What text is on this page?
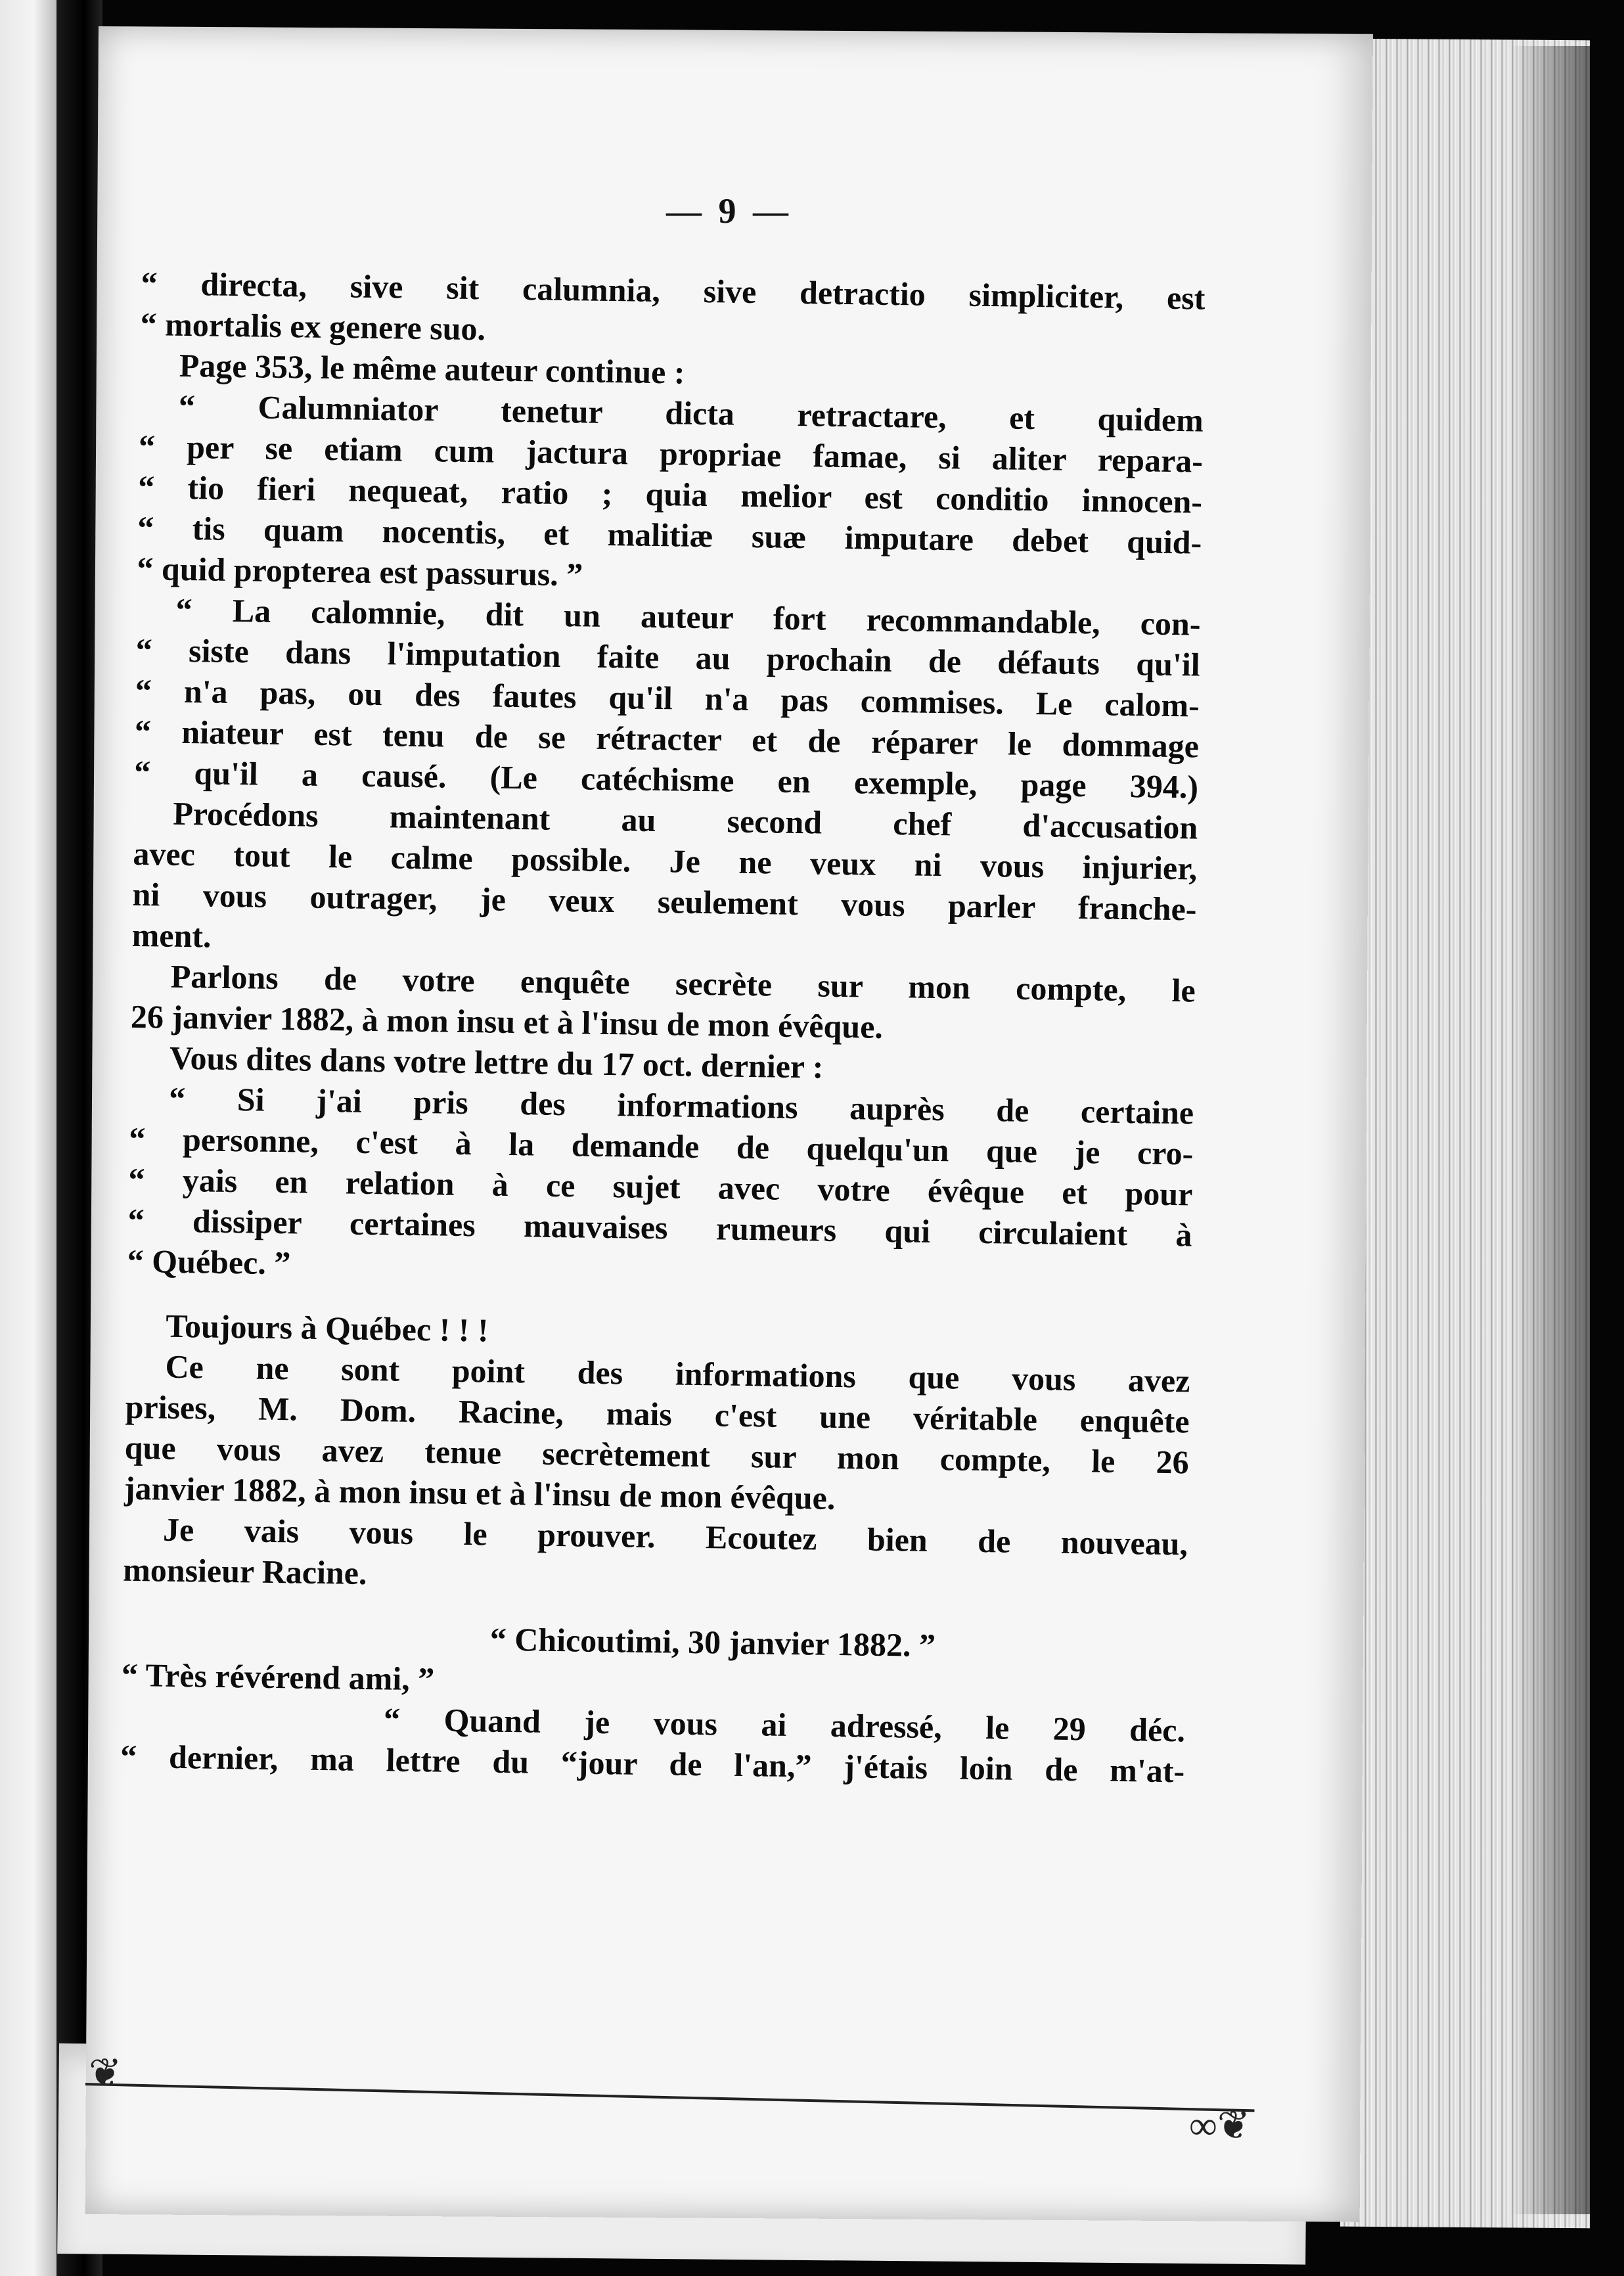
— 9 —
“ directa, sive sit calumnia, sive detractio simpliciter, est
“ mortalis ex genere suo.
Page 353, le même auteur continue :
“ Calumniator tenetur dicta retractare, et quidem
“ per se etiam cum jactura propriae famae, si aliter repara-
“ tio fieri nequeat, ratio ; quia melior est conditio innocen-
“ tis quam nocentis, et malitiæ suæ imputare debet quid-
“ quid propterea est passurus. ”
“ La calomnie, dit un auteur fort recommandable, con-
“ siste dans l'imputation faite au prochain de défauts qu'il
“ n'a pas, ou des fautes qu'il n'a pas commises. Le calom-
“ niateur est tenu de se rétracter et de réparer le dommage
“ qu'il a causé. (Le catéchisme en exemple, page 394.)
Procédons maintenant au second chef d'accusation
avec tout le calme possible. Je ne veux ni vous injurier,
ni vous outrager, je veux seulement vous parler franche-
ment.
Parlons de votre enquête secrète sur mon compte, le
26 janvier 1882, à mon insu et à l'insu de mon évêque.
Vous dites dans votre lettre du 17 oct. dernier :
“ Si j'ai pris des informations auprès de certaine
“ personne, c'est à la demande de quelqu'un que je cro-
“ yais en relation à ce sujet avec votre évêque et pour
“ dissiper certaines mauvaises rumeurs qui circulaient à
“ Québec. ”
Toujours à Québec ! ! !
Ce ne sont point des informations que vous avez
prises, M. Dom. Racine, mais c'est une véritable enquête
que vous avez tenue secrètement sur mon compte, le 26
janvier 1882, à mon insu et à l'insu de mon évêque.
Je vais vous le prouver. Ecoutez bien de nouveau,
monsieur Racine.
“ Chicoutimi, 30 janvier 1882. ”
“ Très révérend ami, ”
“ Quand je vous ai adressé, le 29 déc.
“ dernier, ma lettre du “jour de l'an,” j'étais loin de m'at-
❦
∞❦
